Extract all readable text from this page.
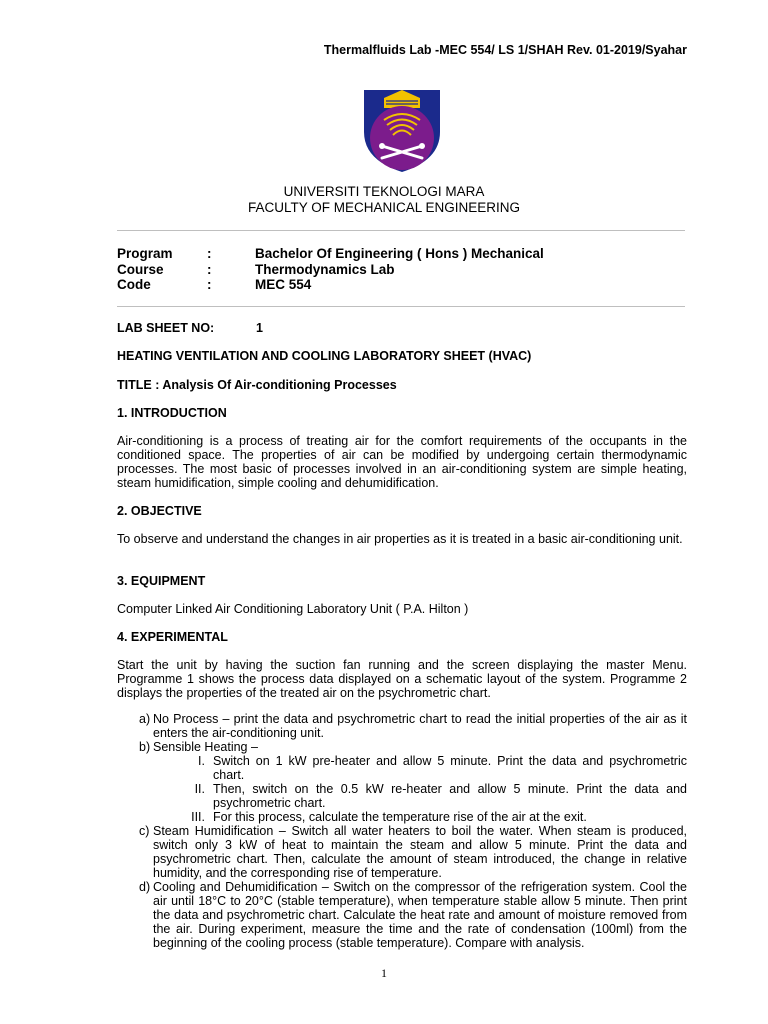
Thermalfluids Lab -MEC 554/ LS 1/SHAH Rev. 01-2019/Syahar
UNIVERSITI TEKNOLOGI MARA
FACULTY OF MECHANICAL ENGINEERING
Program	:	Bachelor Of Engineering ( Hons ) Mechanical
Course	:	Thermodynamics Lab
Code	:	MEC 554
LAB SHEET NO:	1
HEATING VENTILATION AND COOLING LABORATORY SHEET (HVAC)
TITLE : Analysis Of Air-conditioning Processes
1. INTRODUCTION
Air-conditioning is a process of treating air for the comfort requirements of the occupants in the conditioned space. The properties of air can be modified by undergoing certain thermodynamic processes. The most basic of processes involved in an air-conditioning system are simple heating, steam humidification, simple cooling and dehumidification.
2. OBJECTIVE
To observe and understand the changes in air properties as it is treated in a basic air-conditioning unit.
3. EQUIPMENT
Computer Linked Air Conditioning Laboratory Unit ( P.A. Hilton )
4. EXPERIMENTAL
Start the unit by having the suction fan running and the screen displaying the master Menu. Programme 1 shows the process data displayed on a schematic layout of the system. Programme 2 displays the properties of the treated air on the psychrometric chart.
a) No Process – print the data and psychrometric chart to read the initial properties of the air as it enters the air-conditioning unit.
b) Sensible Heating –
I. Switch on 1 kW pre-heater and allow 5 minute. Print the data and psychrometric chart.
II. Then, switch on the 0.5 kW re-heater and allow 5 minute. Print the data and psychrometric chart.
III. For this process, calculate the temperature rise of the air at the exit.
c) Steam Humidification – Switch all water heaters to boil the water. When steam is produced, switch only 3 kW of heat to maintain the steam and allow 5 minute. Print the data and psychrometric chart. Then, calculate the amount of steam introduced, the change in relative humidity, and the corresponding rise of temperature.
d) Cooling and Dehumidification – Switch on the compressor of the refrigeration system. Cool the air until 18°C to 20°C (stable temperature), when temperature stable allow 5 minute. Then print the data and psychrometric chart. Calculate the heat rate and amount of moisture removed from the air. During experiment, measure the time and the rate of condensation (100ml) from the beginning of the cooling process (stable temperature). Compare with analysis.
1
